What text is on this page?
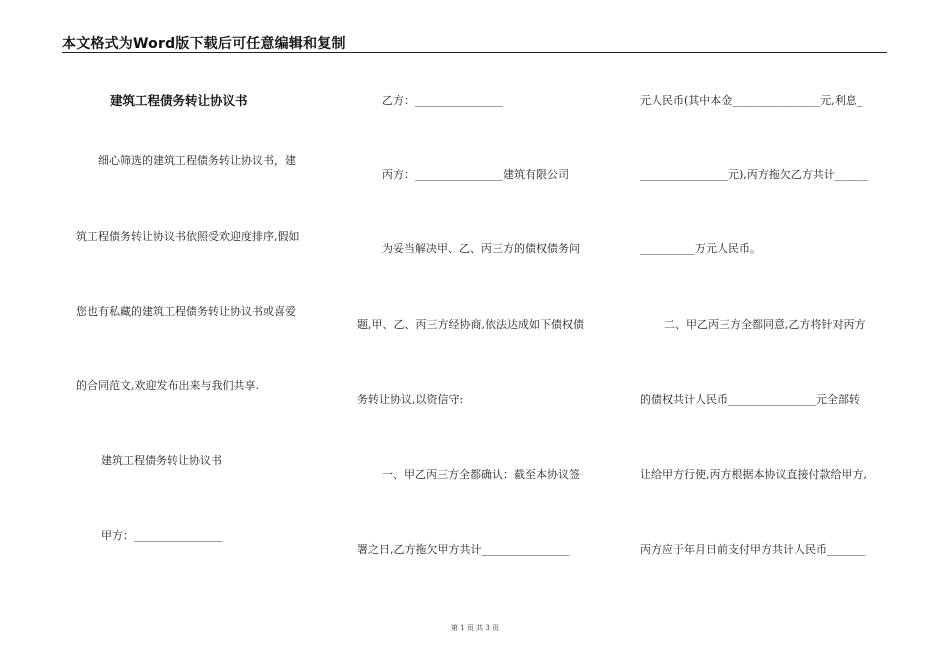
本文格式为Word版下载后可任意编辑和复制
建筑工程债务转让协议书
细心筛选的建筑工程债务转让协议书，建
筑工程债务转让协议书依照受欢迎度排序,假如
您也有私藏的建筑工程债务转让协议书或喜爱
的合同范文,欢迎发布出来与我们共享.
建筑工程债务转让协议书
甲方：________________
乙方：________________
丙方：________________建筑有限公司
为妥当解决甲、乙、丙三方的债权债务问
题,甲、乙、丙三方经协商,依法达成如下债权债
务转让协议,以资信守:
一、甲乙丙三方全都确认：截至本协议签
署之日,乙方拖欠甲方共计________________
元人民币(其中本金________________元,利息_
________________元),丙方拖欠乙方共计______
__________万元人民币。
二、甲乙丙三方全都同意,乙方将针对丙方
的债权共计人民币________________元全部转
让给甲方行使,丙方根据本协议直接付款给甲方,
丙方应于年月日前支付甲方共计人民币_______
第 1 页 共 3 页
